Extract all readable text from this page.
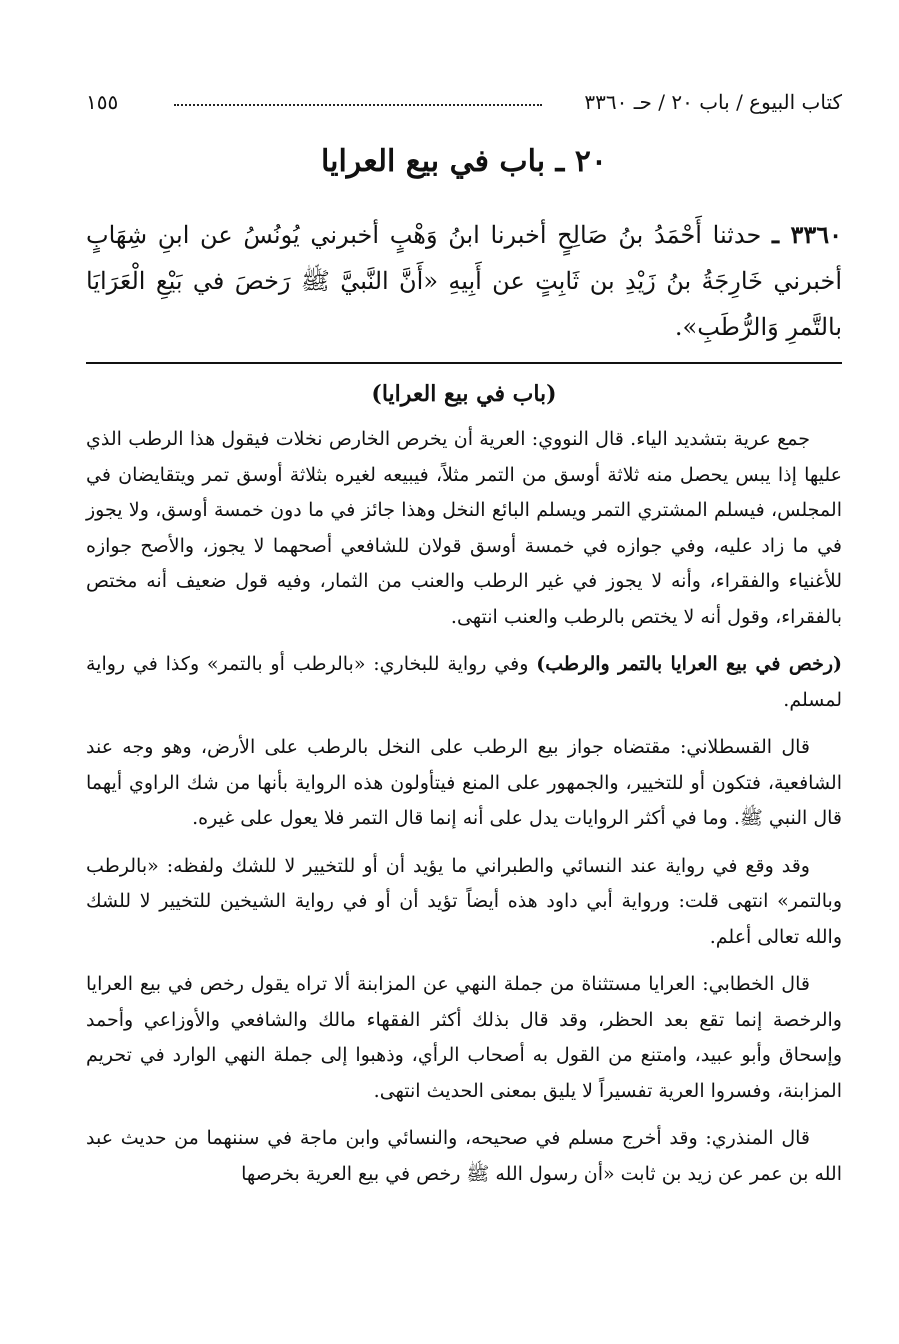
كتاب البيوع / باب ٢٠ / حـ ٣٣٦٠
١٥٥
٢٠ ـ باب في بيع العرايا
٣٣٦٠ ـ حدثنا أَحْمَدُ بنُ صَالِحٍ أخبرنا ابنُ وَهْبٍ أخبرني يُونُسُ عن ابنِ شِهَابٍ أخبرني خَارِجَةُ بنُ زَيْدِ بن ثَابِتٍ عن أَبِيهِ «أَنَّ النَّبيَّ ﷺ رَخصَ في بَيْعِ الْعَرَايَا بالتَّمرِ وَالرُّطَبِ».
(باب في بيع العرايا)

جمع عرية بتشديد الياء. قال النووي: العرية أن يخرص الخارص نخلات فيقول هذا الرطب الذي عليها إذا يبس يحصل منه ثلاثة أوسق من التمر مثلاً، فيبيعه لغيره بثلاثة أوسق تمر ويتقايضان في المجلس، فيسلم المشتري التمر ويسلم البائع النخل وهذا جائز في ما دون خمسة أوسق، ولا يجوز في ما زاد عليه، وفي جوازه في خمسة أوسق قولان للشافعي أصحهما لا يجوز، والأصح جوازه للأغنياء والفقراء، وأنه لا يجوز في غير الرطب والعنب من الثمار، وفيه قول ضعيف أنه مختص بالفقراء، وقول أنه لا يختص بالرطب والعنب انتهى.

(رخص في بيع العرايا بالتمر والرطب) وفي رواية للبخاري: «بالرطب أو بالتمر» وكذا في رواية لمسلم.

قال القسطلاني: مقتضاه جواز بيع الرطب على النخل بالرطب على الأرض، وهو وجه عند الشافعية، فتكون أو للتخيير، والجمهور على المنع فيتأولون هذه الرواية بأنها من شك الراوي أيهما قال النبي ﷺ. وما في أكثر الروايات يدل على أنه إنما قال التمر فلا يعول على غيره.

وقد وقع في رواية عند النسائي والطبراني ما يؤيد أن أو للتخيير لا للشك ولفظه: «بالرطب وبالتمر» انتهى قلت: ورواية أبي داود هذه أيضاً تؤيد أن أو في رواية الشيخين للتخيير لا للشك والله تعالى أعلم.

قال الخطابي: العرايا مستثناة من جملة النهي عن المزابنة ألا تراه يقول رخص في بيع العرايا والرخصة إنما تقع بعد الحظر، وقد قال بذلك أكثر الفقهاء مالك والشافعي والأوزاعي وأحمد وإسحاق وأبو عبيد، وامتنع من القول به أصحاب الرأي، وذهبوا إلى جملة النهي الوارد في تحريم المزابنة، وفسروا العرية تفسيراً لا يليق بمعنى الحديث انتهى.

قال المنذري: وقد أخرج مسلم في صحيحه، والنسائي وابن ماجة في سننهما من حديث عبد الله بن عمر عن زيد بن ثابت «أن رسول الله ﷺ رخص في بيع العرية بخرصها
